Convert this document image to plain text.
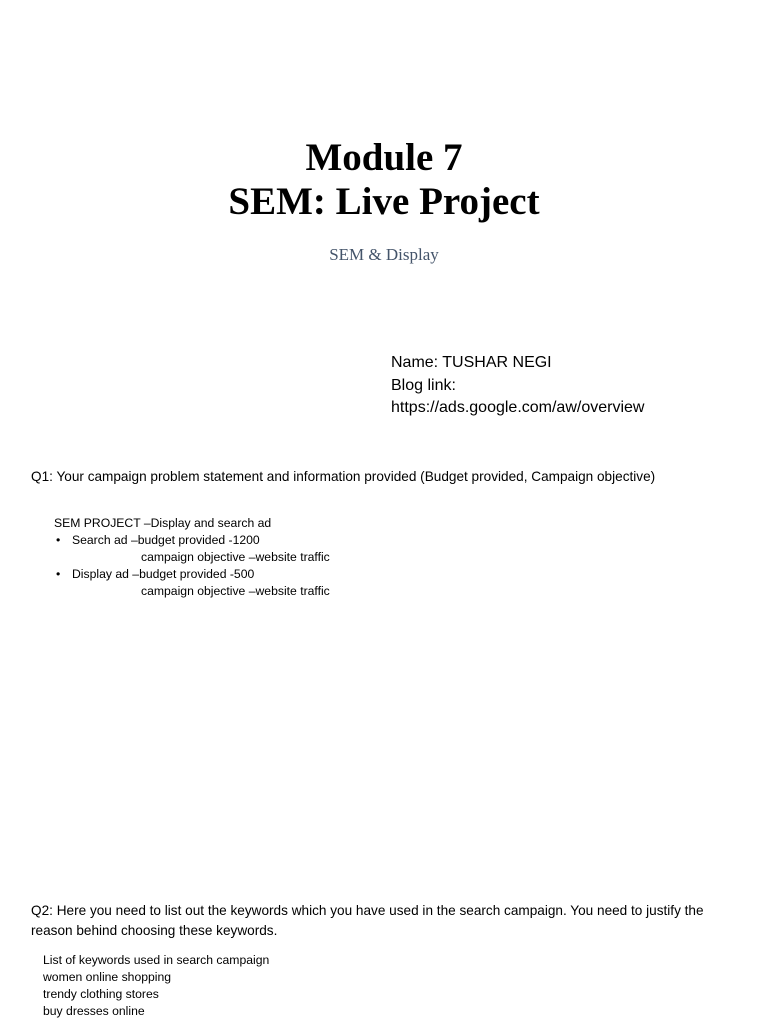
Module 7
SEM: Live Project
SEM & Display
Name: TUSHAR NEGI
Blog link:
https://ads.google.com/aw/overview
Q1: Your campaign problem statement and information provided (Budget provided, Campaign objective)
SEM PROJECT –Display and search ad
• Search ad –budget provided -1200
campaign objective –website traffic
• Display ad –budget provided -500
campaign objective –website traffic
Q2: Here you need to list out the keywords which you have used in the search campaign. You need to justify the reason behind choosing these keywords.
List of keywords used in search campaign
women online shopping
trendy clothing stores
buy dresses online
